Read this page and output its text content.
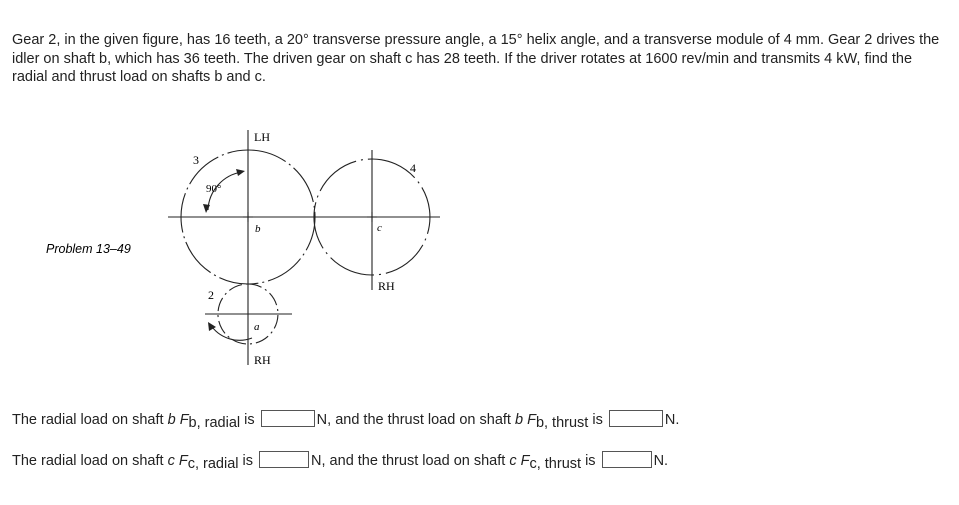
Gear 2, in the given figure, has 16 teeth, a 20° transverse pressure angle, a 15° helix angle, and a transverse module of 4 mm. Gear 2 drives the idler on shaft b, which has 36 teeth. The driven gear on shaft c has 28 teeth. If the driver rotates at 1600 rev/min and transmits 4 kW, find the radial and thrust load on shafts b and c.

LH
3
4
90°
b	c
RH
2
a
RH
Problem 13–49
The radial load on shaft b Fb, radial is	N, and the thrust load on shaft b Fb, thrust is	N.
The radial load on shaft c Fc, radial is	N, and the thrust load on shaft c Fc, thrust is	N.
